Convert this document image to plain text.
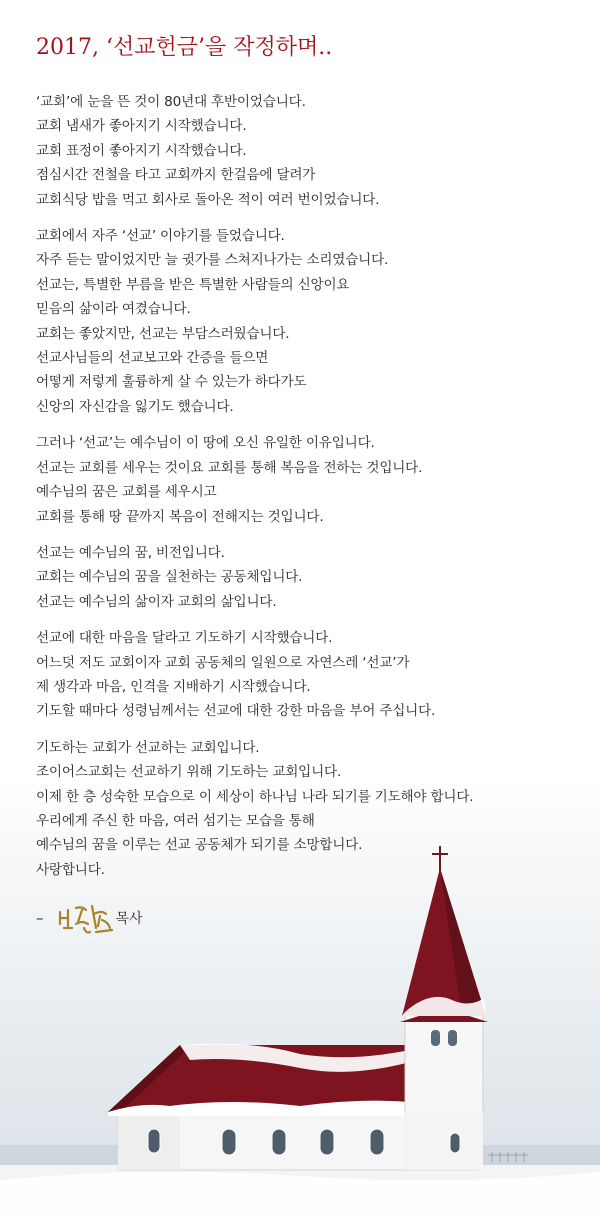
2017, ‘선교헌금’을 작정하며..
‘교회’에 눈을 뜬 것이 80년대 후반이었습니다.
교회 냄새가 좋아지기 시작했습니다.
교회 표정이 좋아지기 시작했습니다.
점심시간 전철을 타고 교회까지 한걸음에 달려가
교회식당 밥을 먹고 회사로 돌아온 적이 여러 번이었습니다.
교회에서 자주 ‘선교’ 이야기를 들었습니다.
자주 듣는 말이었지만 늘 귓가를 스쳐지나가는 소리였습니다.
선교는, 특별한 부름을 받은 특별한 사람들의 신앙이요
믿음의 삶이라 여겼습니다.
교회는 좋았지만, 선교는 부담스러웠습니다.
선교사님들의 선교보고와 간증을 들으면
어떻게 저렇게 훌륭하게 살 수 있는가 하다가도
신앙의 자신감을 잃기도 했습니다.
그러나 ‘선교’는 예수님이 이 땅에 오신 유일한 이유입니다.
선교는 교회를 세우는 것이요 교회를 통해 복음을 전하는 것입니다.
예수님의 꿈은 교회를 세우시고
교회를 통해 땅 끝까지 복음이 전해지는 것입니다.
선교는 예수님의 꿈, 비전입니다.
교회는 예수님의 꿈을 실천하는 공동체입니다.
선교는 예수님의 삶이자 교회의 삶입니다.
선교에 대한 마음을 달라고 기도하기 시작했습니다.
어느덧 저도 교회이자 교회 공동체의 일원으로 자연스레 ‘선교’가
제 생각과 마음, 인격을 지배하기 시작했습니다.
기도할 때마다 성령님께서는 선교에 대한 강한 마음을 부어 주십니다.
기도하는 교회가 선교하는 교회입니다.
조이어스교회는 선교하기 위해 기도하는 교회입니다.
이제 한 층 성숙한 모습으로 이 세상이 하나님 나라 되기를 기도해야 합니다.
우리에게 주신 한 마음, 여러 섬기는 모습을 통해
예수님의 꿈을 이루는 선교 공동체가 되기를 소망합니다.
사랑합니다.
–	목사
